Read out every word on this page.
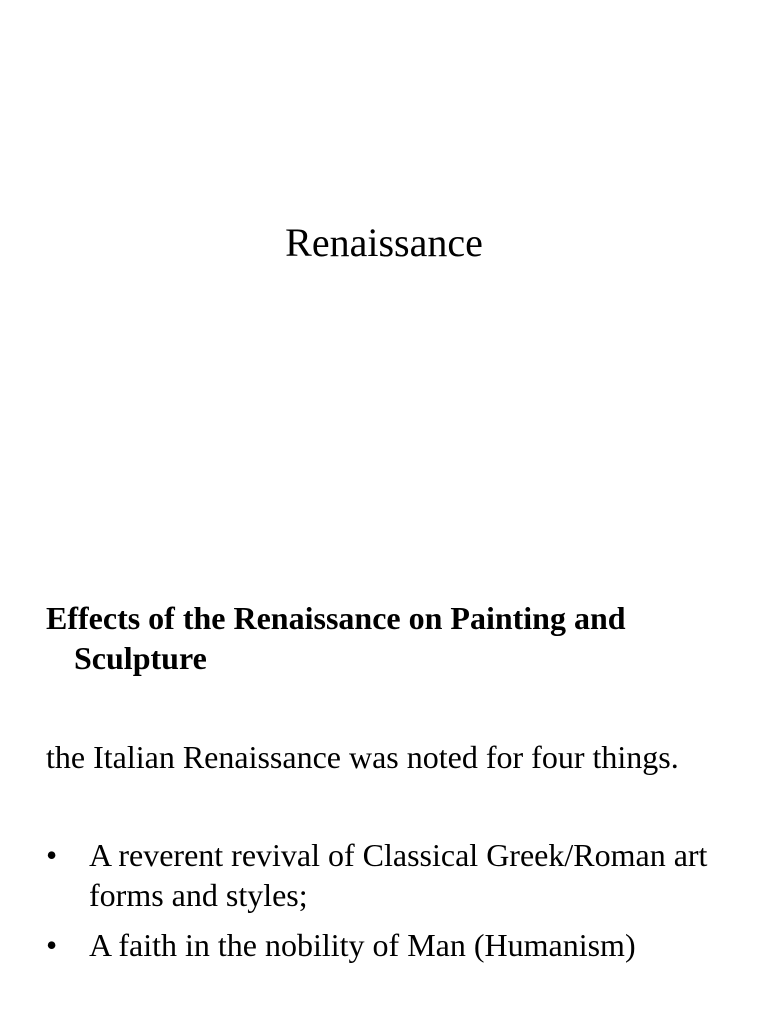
Renaissance
Effects of the Renaissance on Painting and Sculpture

the Italian Renaissance was noted for four things.

• A reverent revival of Classical Greek/Roman art forms and styles;
• A faith in the nobility of Man (Humanism)
